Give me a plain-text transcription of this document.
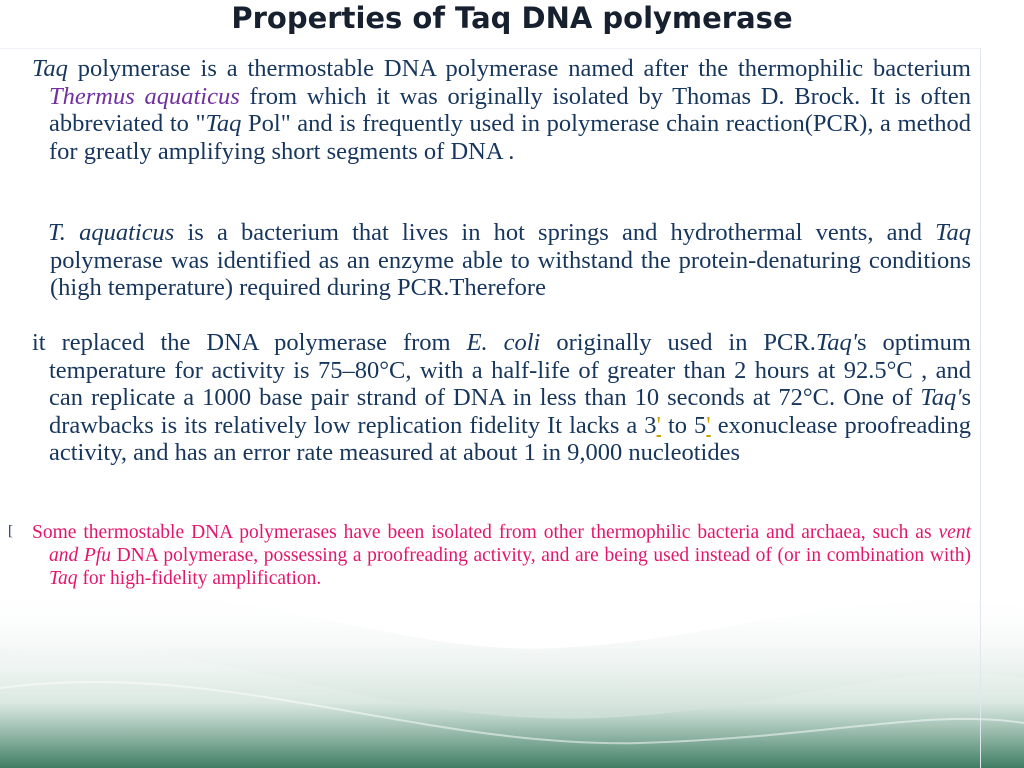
Properties of Taq DNA polymerase
Taq polymerase is a thermostable DNA polymerase named after the thermophilic bacterium Thermus aquaticus from which it was originally isolated by Thomas D. Brock. It is often abbreviated to "Taq Pol" and is frequently used in polymerase chain reaction(PCR), a method for greatly amplifying short segments of DNA .
T. aquaticus is a bacterium that lives in hot springs and hydrothermal vents, and Taq polymerase was identified as an enzyme able to withstand the protein-denaturing conditions (high temperature) required during PCR.Therefore
it replaced the DNA polymerase from E. coli originally used in PCR.Taq's optimum temperature for activity is 75–80°C, with a half-life of greater than 2 hours at 92.5°C , and can replicate a 1000 base pair strand of DNA in less than 10 seconds at 72°C. One of Taq's drawbacks is its relatively low replication fidelity It lacks a 3' to 5' exonuclease proofreading activity, and has an error rate measured at about 1 in 9,000 nucleotides
[ Some thermostable DNA polymerases have been isolated from other thermophilic bacteria and archaea, such as vent and Pfu DNA polymerase, possessing a proofreading activity, and are being used instead of (or in combination with) Taq for high-fidelity amplification.
